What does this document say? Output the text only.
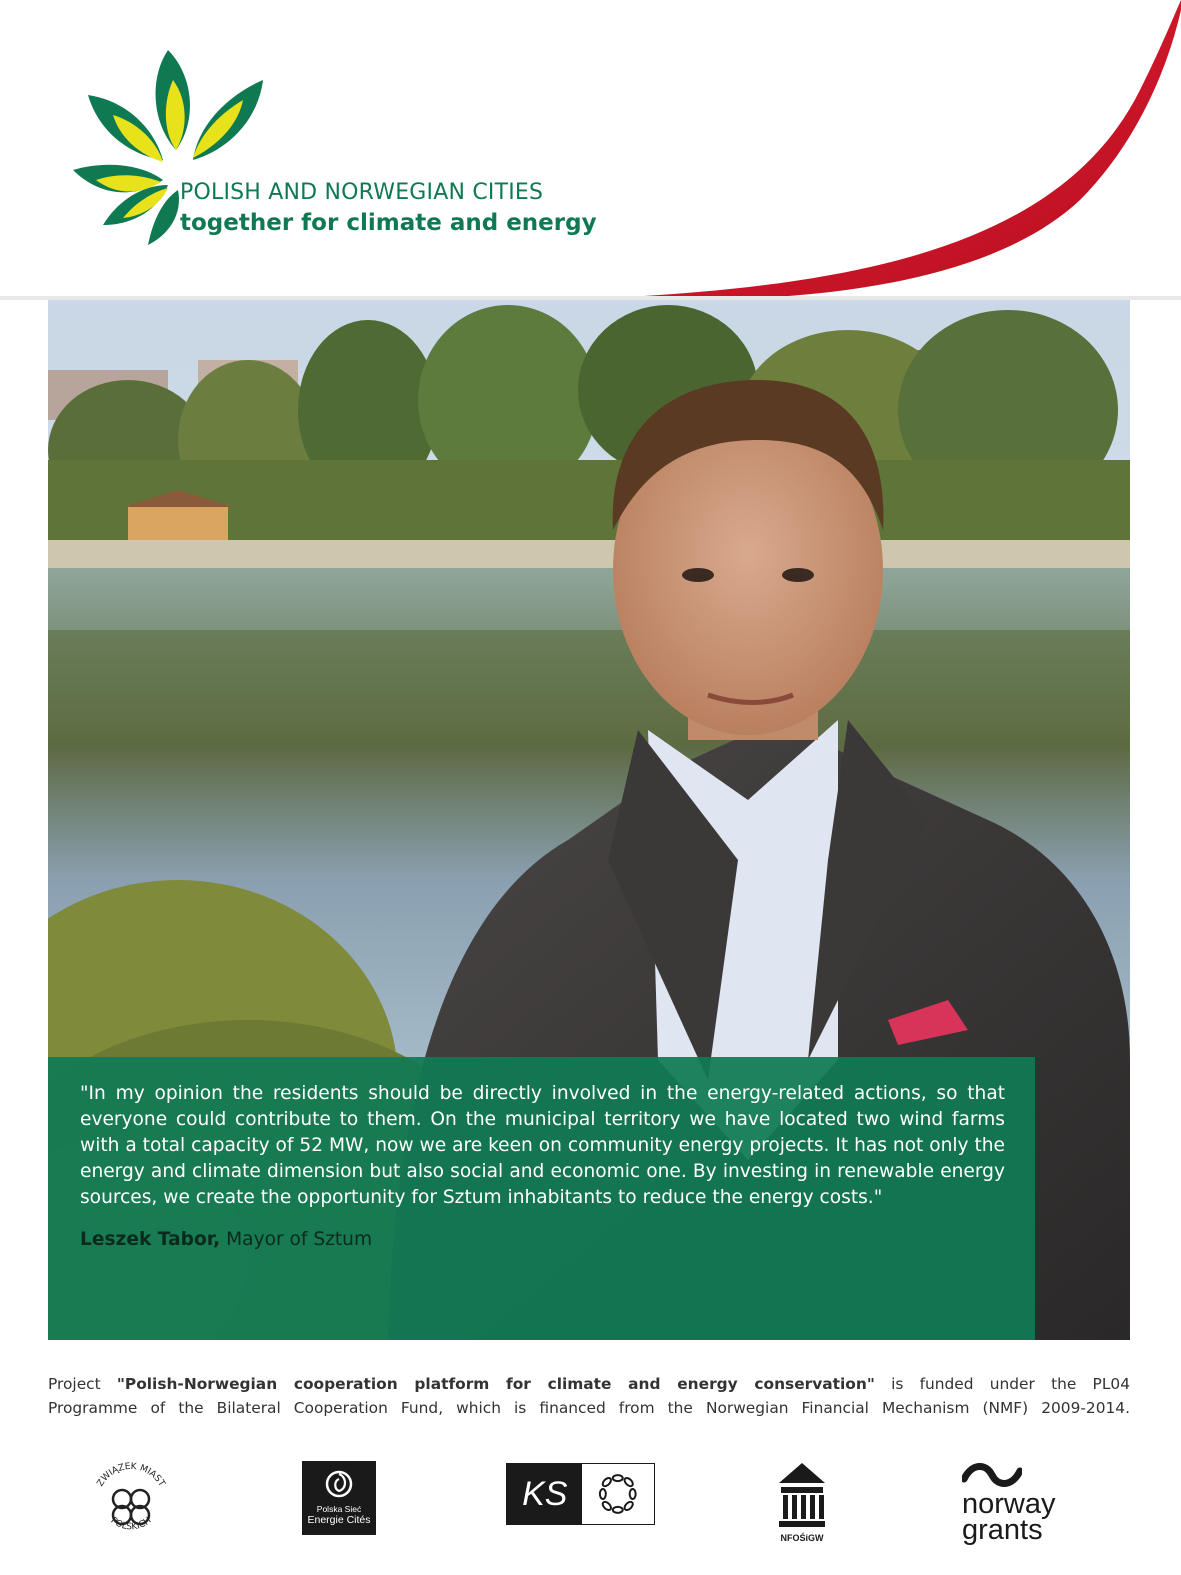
POLISH AND NORWEGIAN CITIES
together for climate and energy

"In my opinion the residents should be directly involved in the energy-related actions, so that everyone could contribute to them. On the municipal territory we have located two wind farms with a total capacity of 52 MW, now we are keen on community energy projects. It has not only the energy and climate dimension but also social and economic one. By investing in renewable energy sources, we create the opportunity for Sztum inhabitants to reduce the energy costs."

Leszek Tabor, Mayor of Sztum

Project "Polish-Norwegian cooperation platform for climate and energy conservation" is funded under the PL04

Programme of the Bilateral Cooperation Fund, which is financed from the Norwegian Financial Mechanism (NMF) 2009-2014.

ZWIĄZEK MIAST
POLSKICH
Polska Sieć
Energie Cités
KS
NFOŚiGW
norway
grants
